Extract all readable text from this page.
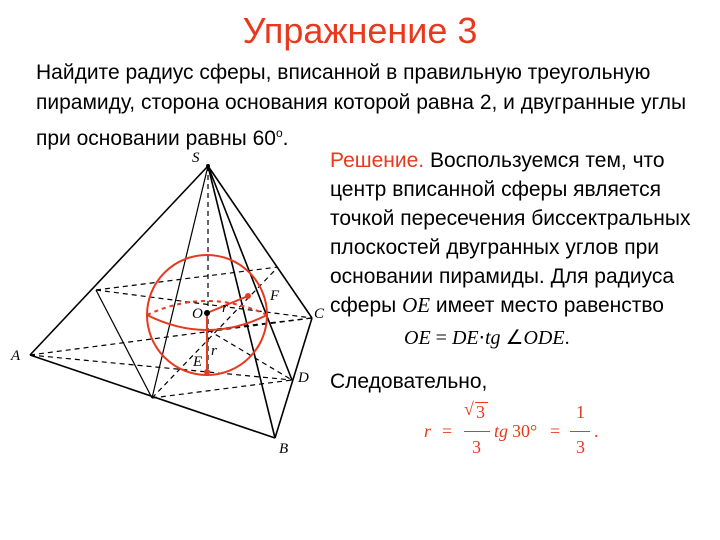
Упражнение 3
Найдите радиус сферы, вписанной в правильную треугольную пирамиду, сторона основания которой равна 2, и двугранные углы при основании равны 60$^o$.
Решение. Воспользуемся тем, что центр вписанной сферы является точкой пересечения биссектральных плоскостей двугранных углов при основании пирамиды. Для радиуса сферы OE имеет место равенство
OE = DE⋅tg ∠ODE.
Следовательно,
r =
√ 3
3
tg 30° =
1
3
.
S
A
B
C
D
F
E
O r
r
